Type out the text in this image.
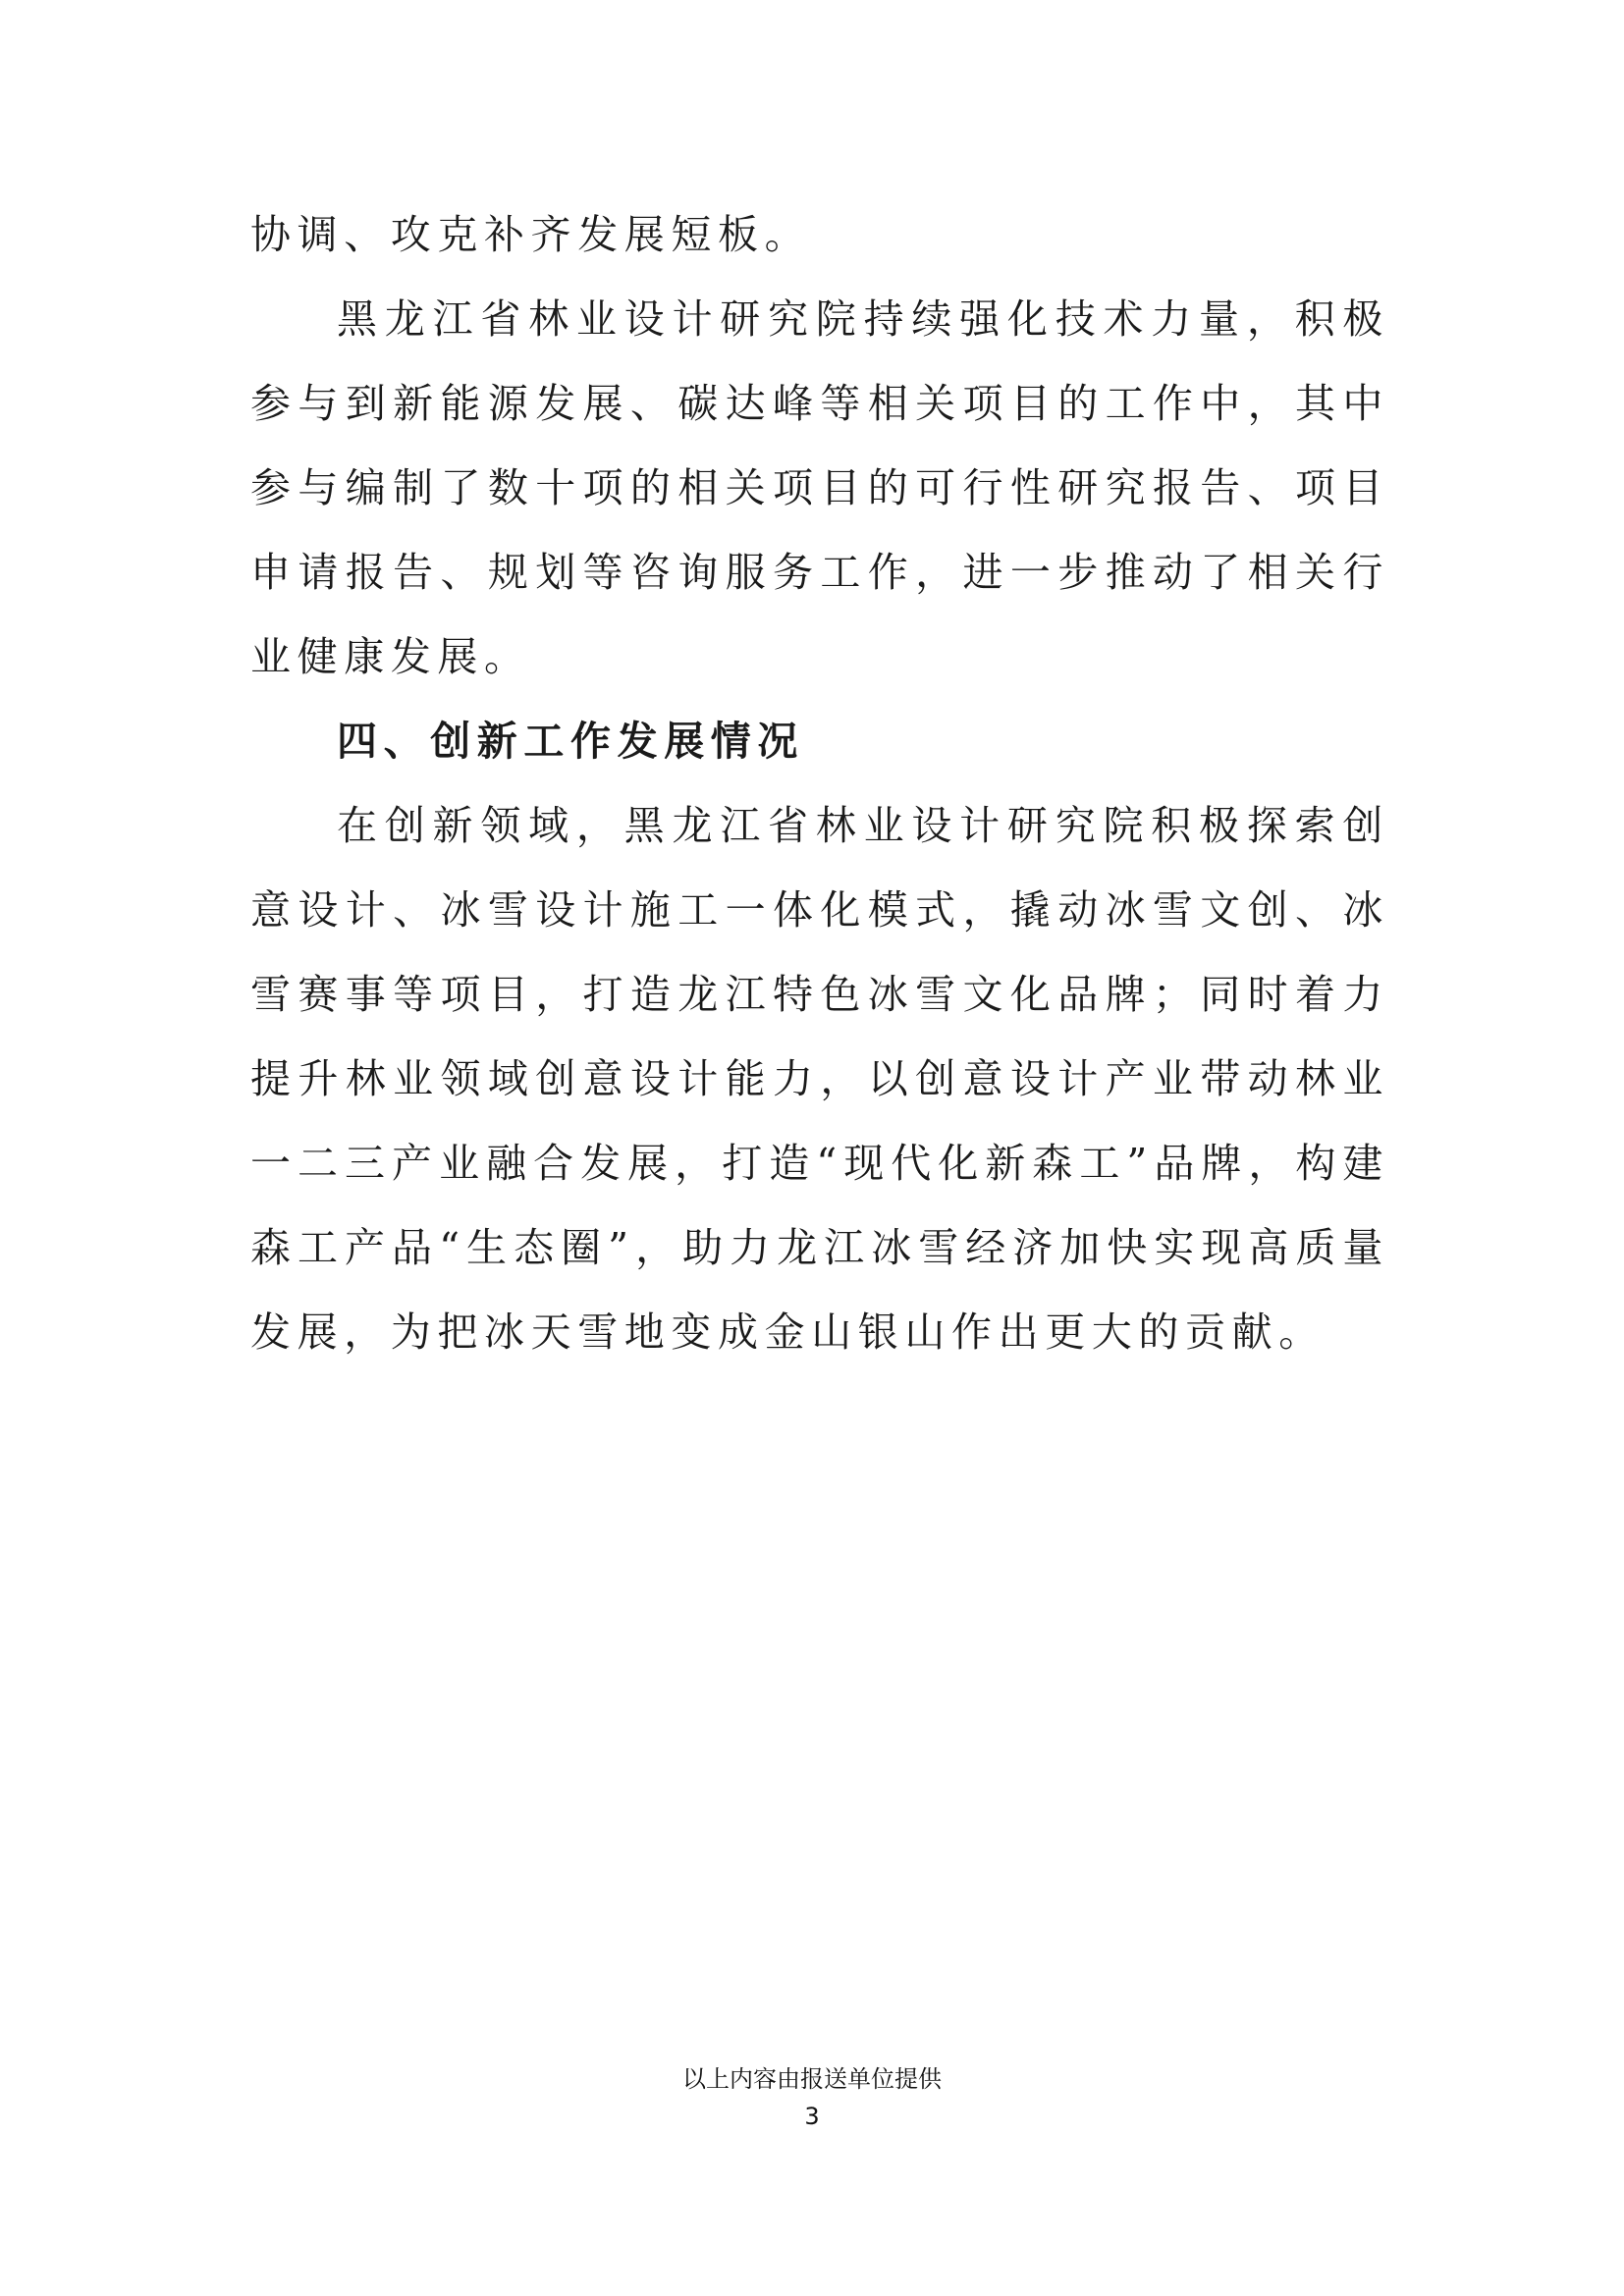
协调、攻克补齐发展短板。

黑龙江省林业设计研究院持续强化技术力量，积极参与到新能源发展、碳达峰等相关项目的工作中，其中参与编制了数十项的相关项目的可行性研究报告、项目申请报告、规划等咨询服务工作，进一步推动了相关行业健康发展。

四、创新工作发展情况

在创新领域，黑龙江省林业设计研究院积极探索创意设计、冰雪设计施工一体化模式，撬动冰雪文创、冰雪赛事等项目，打造龙江特色冰雪文化品牌；同时着力提升林业领域创意设计能力，以创意设计产业带动林业一二三产业融合发展，打造“现代化新森工”品牌，构建森工产品“生态圈”，助力龙江冰雪经济加快实现高质量发展，为把冰天雪地变成金山银山作出更大的贡献。

以上内容由报送单位提供
3
